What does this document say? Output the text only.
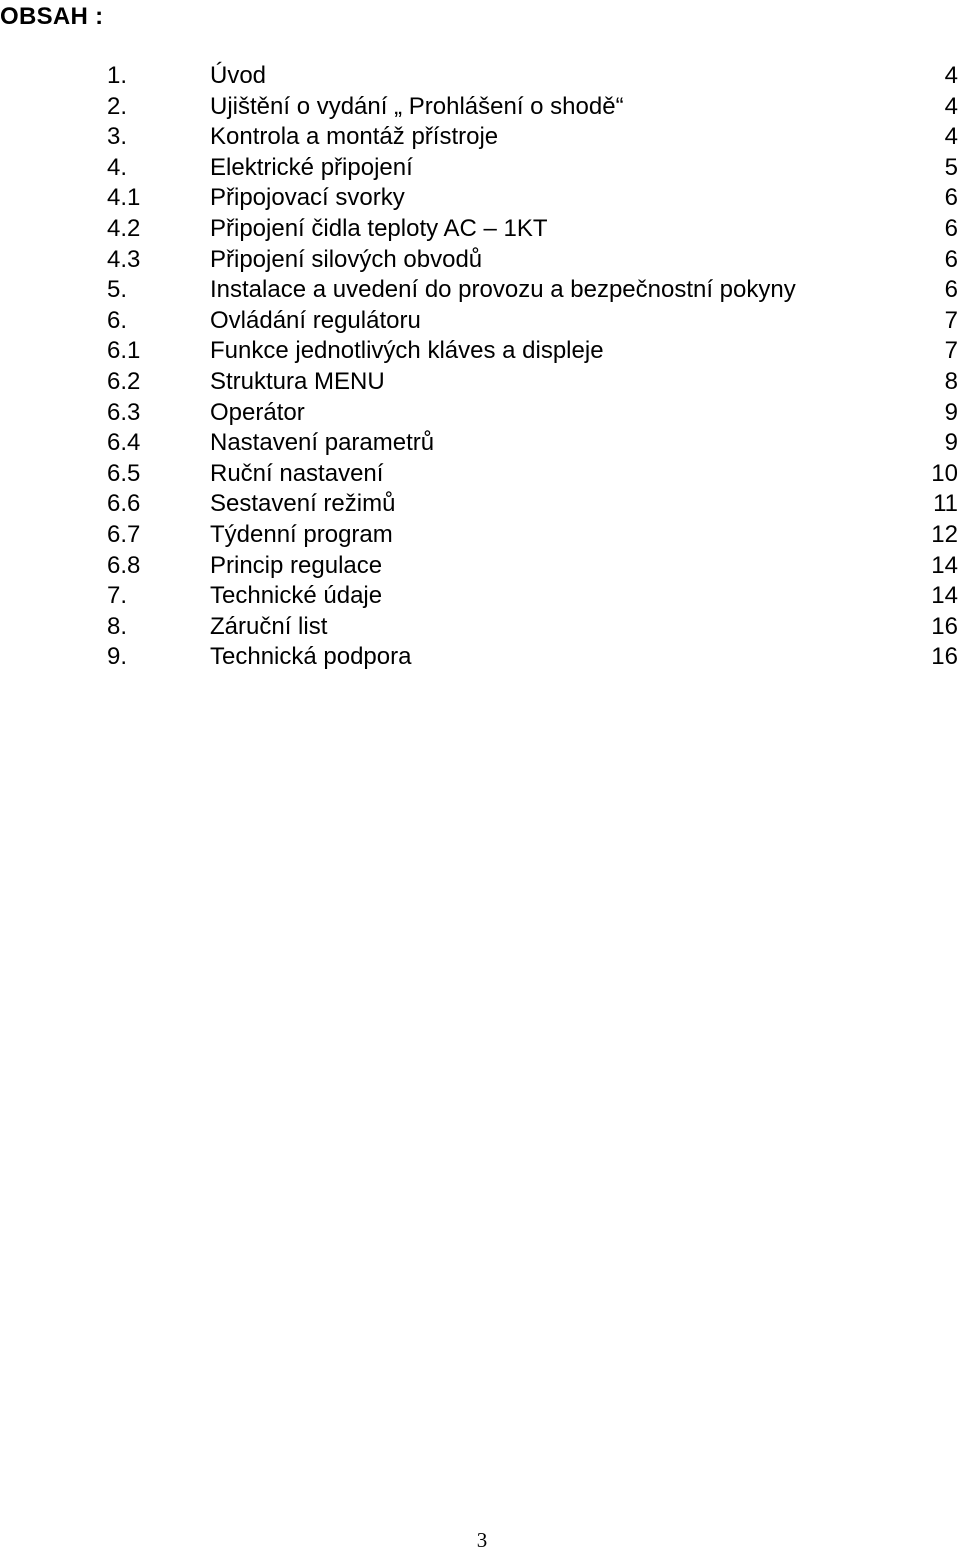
OBSAH :
1.	Úvod	4
2.	Ujištění o vydání „ Prohlášení o shodě“	4
3.	Kontrola a montáž přístroje	4
4.	Elektrické připojení	5
4.1	Připojovací svorky	6
4.2	Připojení čidla teploty AC – 1KT	6
4.3	Připojení silových obvodů	6
5.	Instalace a uvedení do provozu a bezpečnostní pokyny	6
6.	Ovládání regulátoru	7
6.1	Funkce jednotlivých kláves a displeje	7
6.2	Struktura MENU	8
6.3	Operátor	9
6.4	Nastavení parametrů	9
6.5	Ruční nastavení	10
6.6	Sestavení režimů	11
6.7	Týdenní program	12
6.8	Princip regulace	14
7.	Technické údaje	14
8.	Záruční list	16
9.	Technická podpora	16
3
